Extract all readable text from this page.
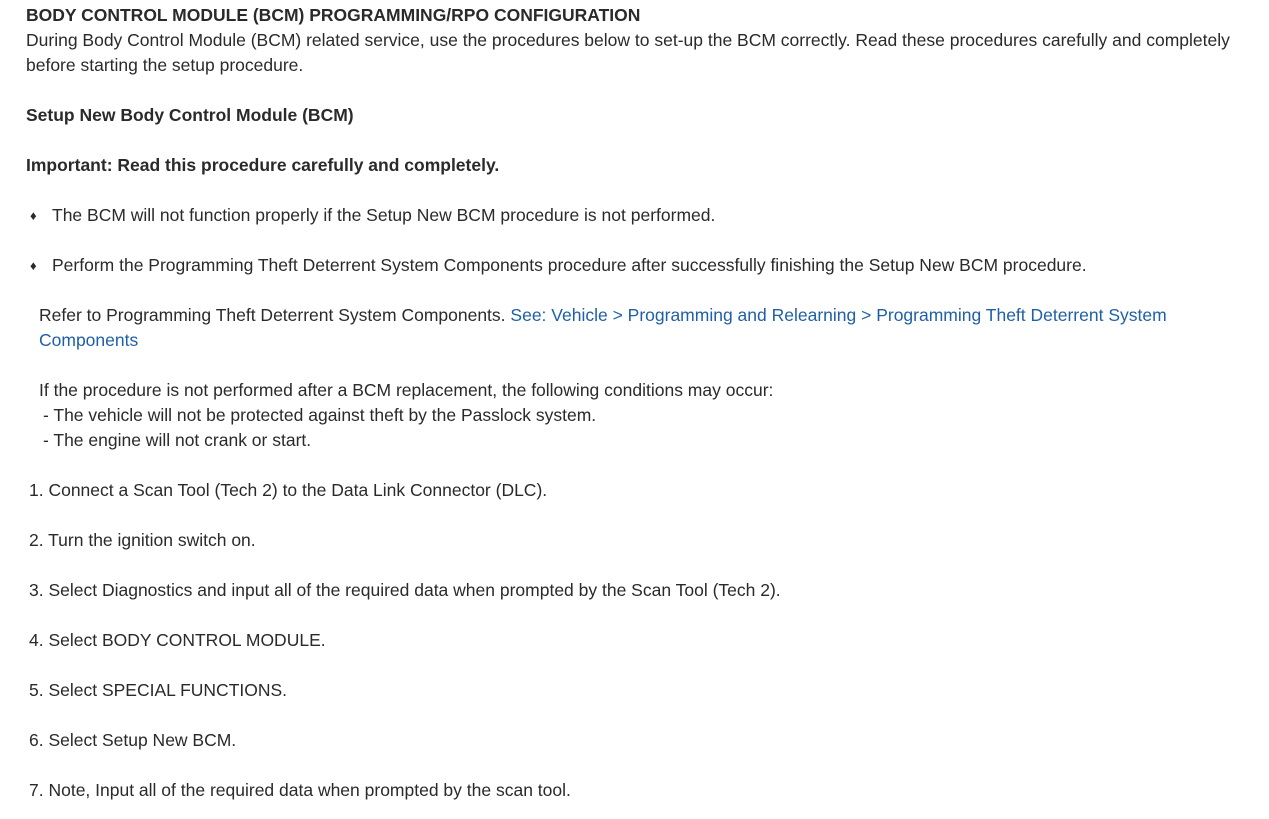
BODY CONTROL MODULE (BCM) PROGRAMMING/RPO CONFIGURATION
During Body Control Module (BCM) related service, use the procedures below to set-up the BCM correctly. Read these procedures carefully and completely before starting the setup procedure.
Setup New Body Control Module (BCM)
Important: Read this procedure carefully and completely.
♦ The BCM will not function properly if the Setup New BCM procedure is not performed.
♦ Perform the Programming Theft Deterrent System Components procedure after successfully finishing the Setup New BCM procedure.
Refer to Programming Theft Deterrent System Components. See: Vehicle > Programming and Relearning > Programming Theft Deterrent System Components
If the procedure is not performed after a BCM replacement, the following conditions may occur:
- The vehicle will not be protected against theft by the Passlock system.
- The engine will not crank or start.
1. Connect a Scan Tool (Tech 2) to the Data Link Connector (DLC).
2. Turn the ignition switch on.
3. Select Diagnostics and input all of the required data when prompted by the Scan Tool (Tech 2).
4. Select BODY CONTROL MODULE.
5. Select SPECIAL FUNCTIONS.
6. Select Setup New BCM.
7. Note, Input all of the required data when prompted by the scan tool.
